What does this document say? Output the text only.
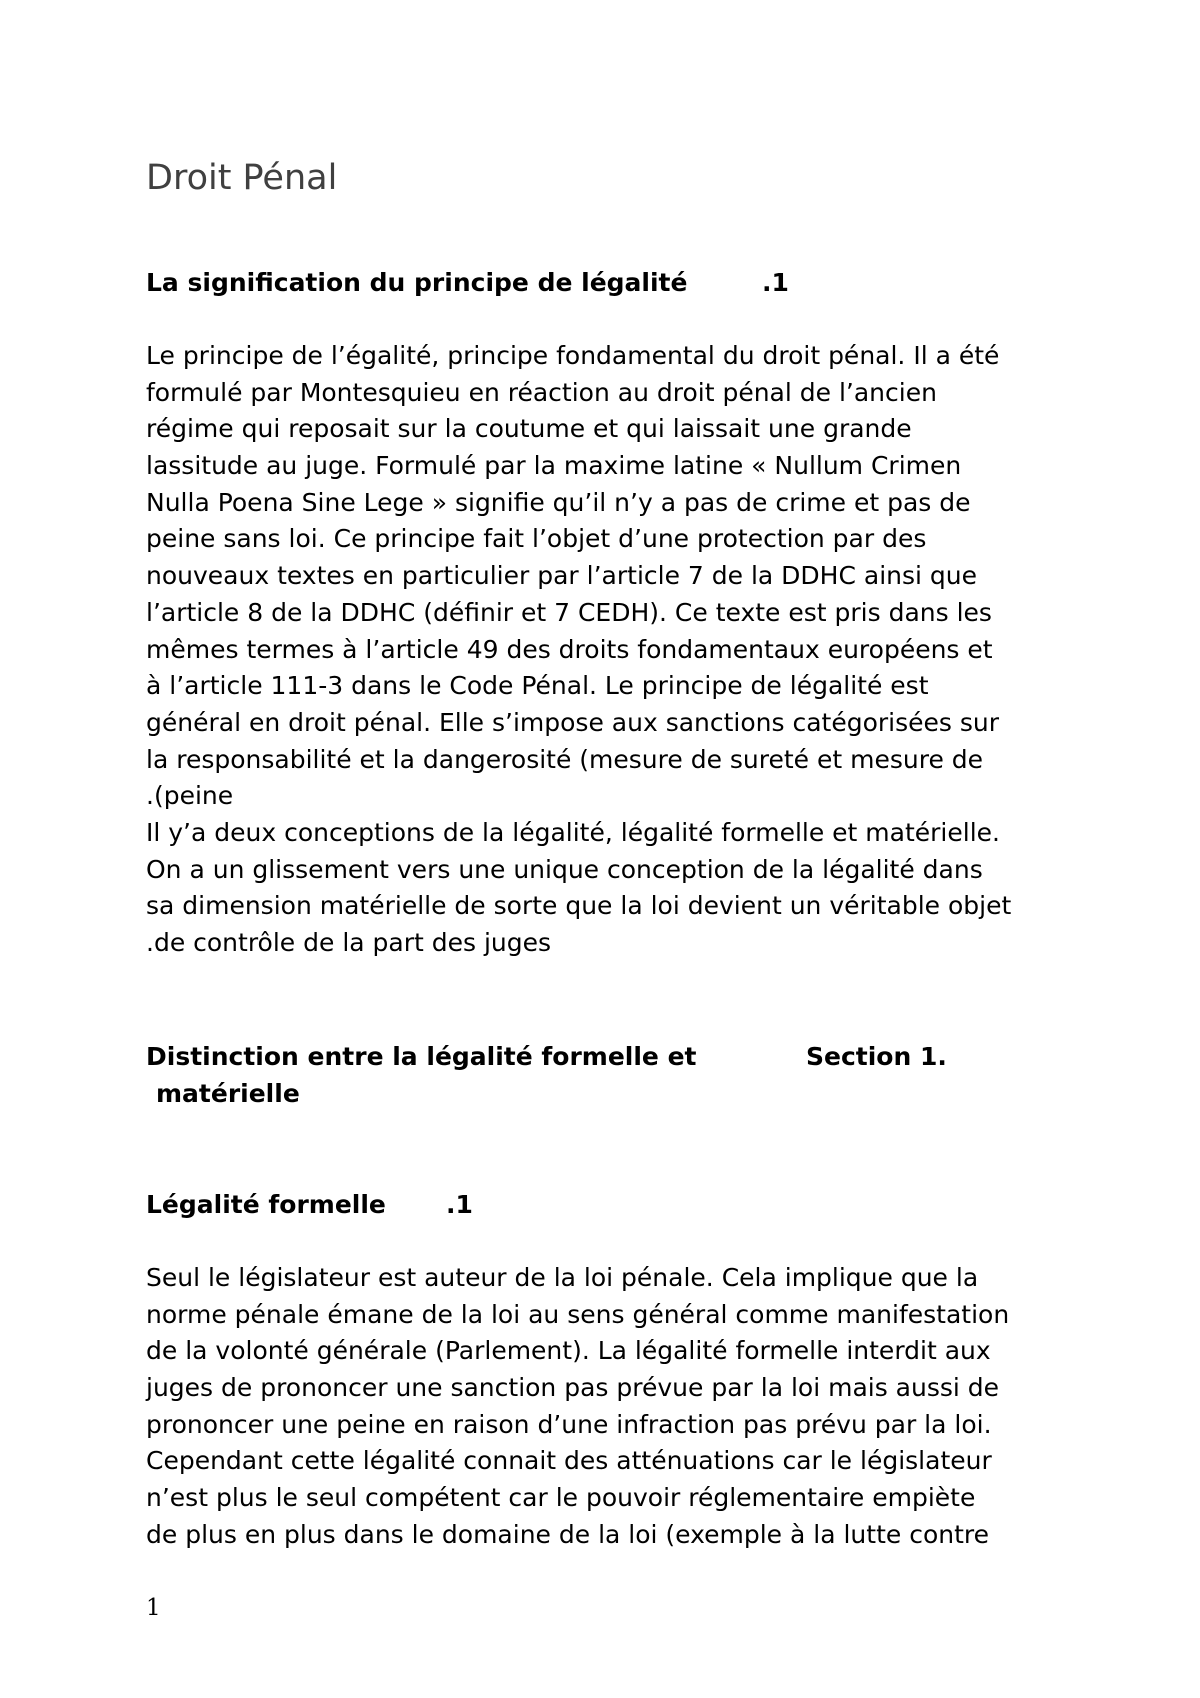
Droit Pénal
La signification du principe de légalité	.1
Le principe de l’égalité, principe fondamental du droit pénal. Il a été
formulé par Montesquieu en réaction au droit pénal de l’ancien
régime qui reposait sur la coutume et qui laissait une grande
lassitude au juge. Formulé par la maxime latine « Nullum Crimen
Nulla Poena Sine Lege » signifie qu’il n’y a pas de crime et pas de
peine sans loi. Ce principe fait l’objet d’une protection par des
nouveaux textes en particulier par l’article 7 de la DDHC ainsi que
l’article 8 de la DDHC (définir et 7 CEDH). Ce texte est pris dans les
mêmes termes à l’article 49 des droits fondamentaux européens et
à l’article 111-3 dans le Code Pénal. Le principe de légalité est
général en droit pénal. Elle s’impose aux sanctions catégorisées sur
la responsabilité et la dangerosité (mesure de sureté et mesure de
.(peine
Il y’a deux conceptions de la légalité, légalité formelle et matérielle.
On a un glissement vers une unique conception de la légalité dans
sa dimension matérielle de sorte que la loi devient un véritable objet
.de contrôle de la part des juges
Distinction entre la légalité formelle et
matérielle
Section 1.
Légalité formelle .1
Seul le législateur est auteur de la loi pénale. Cela implique que la
norme pénale émane de la loi au sens général comme manifestation
de la volonté générale (Parlement). La légalité formelle interdit aux
juges de prononcer une sanction pas prévue par la loi mais aussi de
prononcer une peine en raison d’une infraction pas prévu par la loi.
Cependant cette légalité connait des atténuations car le législateur
n’est plus le seul compétent car le pouvoir réglementaire empiète
de plus en plus dans le domaine de la loi (exemple à la lutte contre
1
